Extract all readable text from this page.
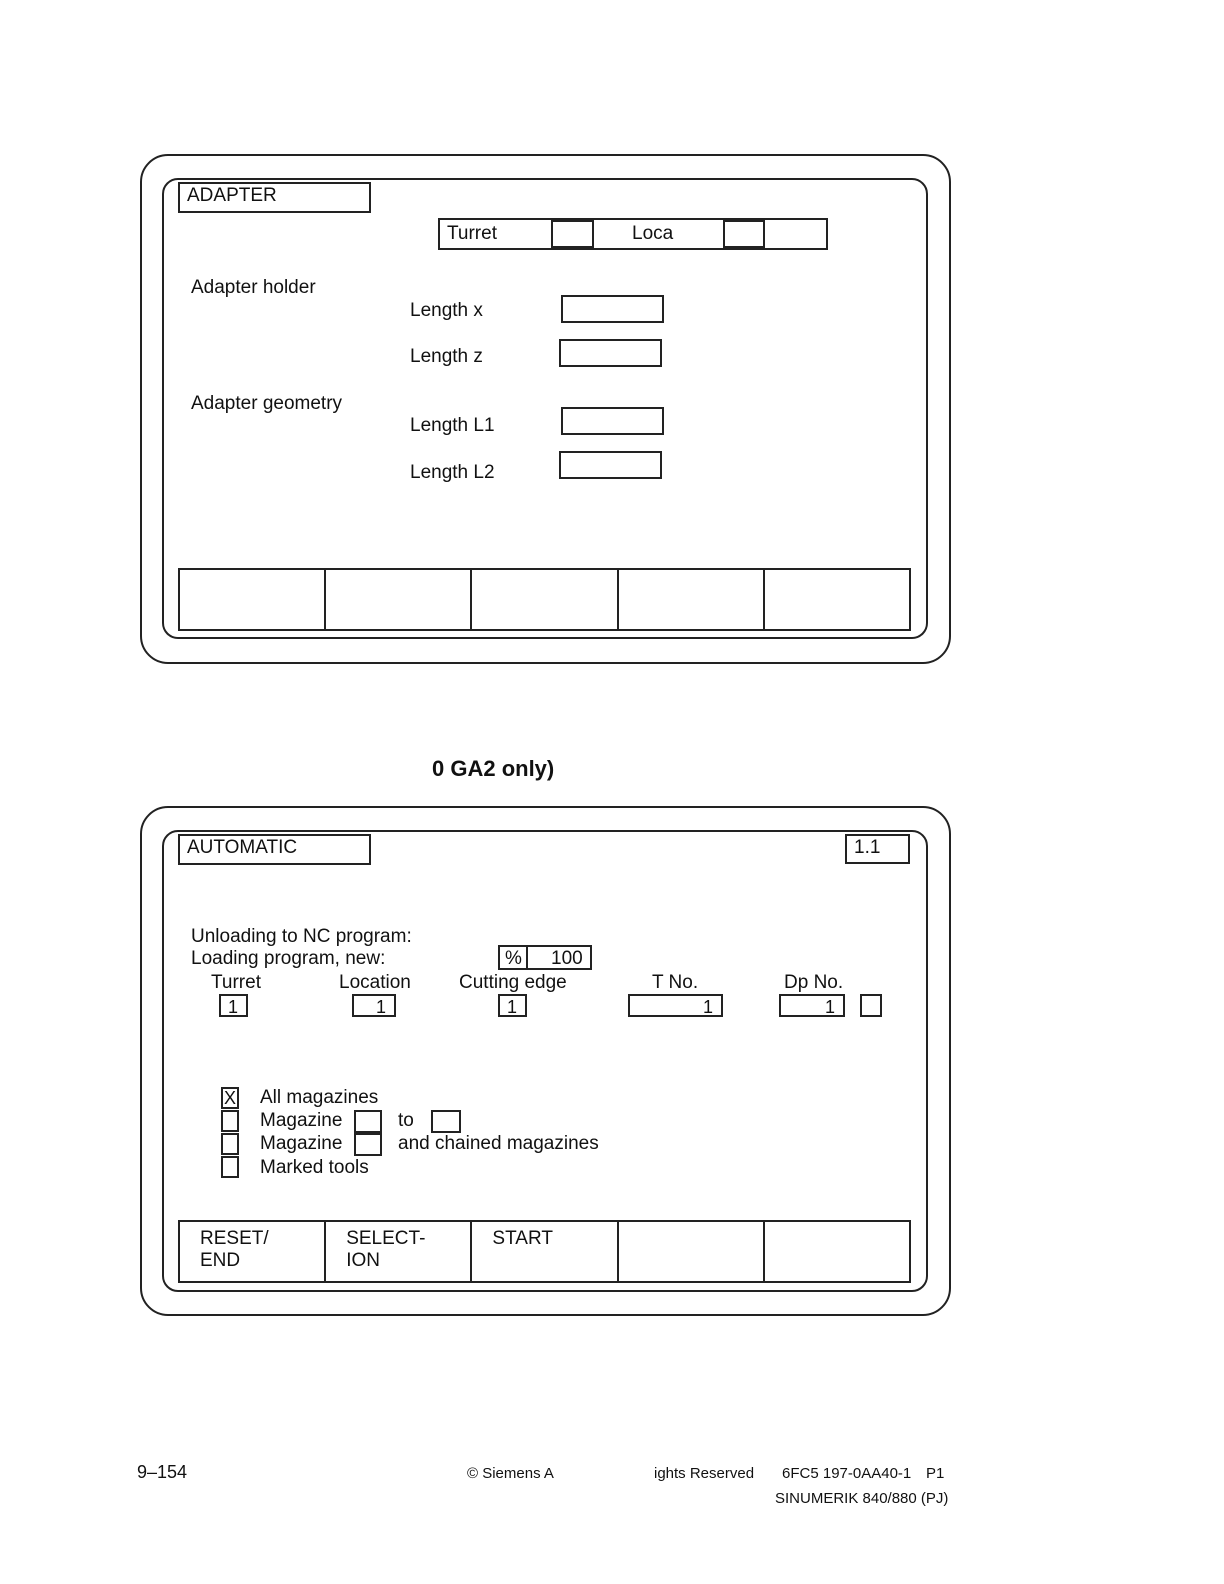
ADAPTER
Turret	Loca
Adapter holder
Length x
Length z
Adapter geometry
Length L1
Length L2
0 GA2 only)
AUTOMATIC	1.1
Unloading to NC program:
Loading program, new:	% 100
Turret	Location	Cutting edge	T No.	Dp No.
1	1	1	1	1
X All magazines
Magazine	to
Magazine	and chained magazines
Marked tools
RESET/
END
SELECT-
ION
START
9–154	© Siemens A	ights Reserved 6FC5 197-0AA40-1 P1
SINUMERIK 840/880 (PJ)
